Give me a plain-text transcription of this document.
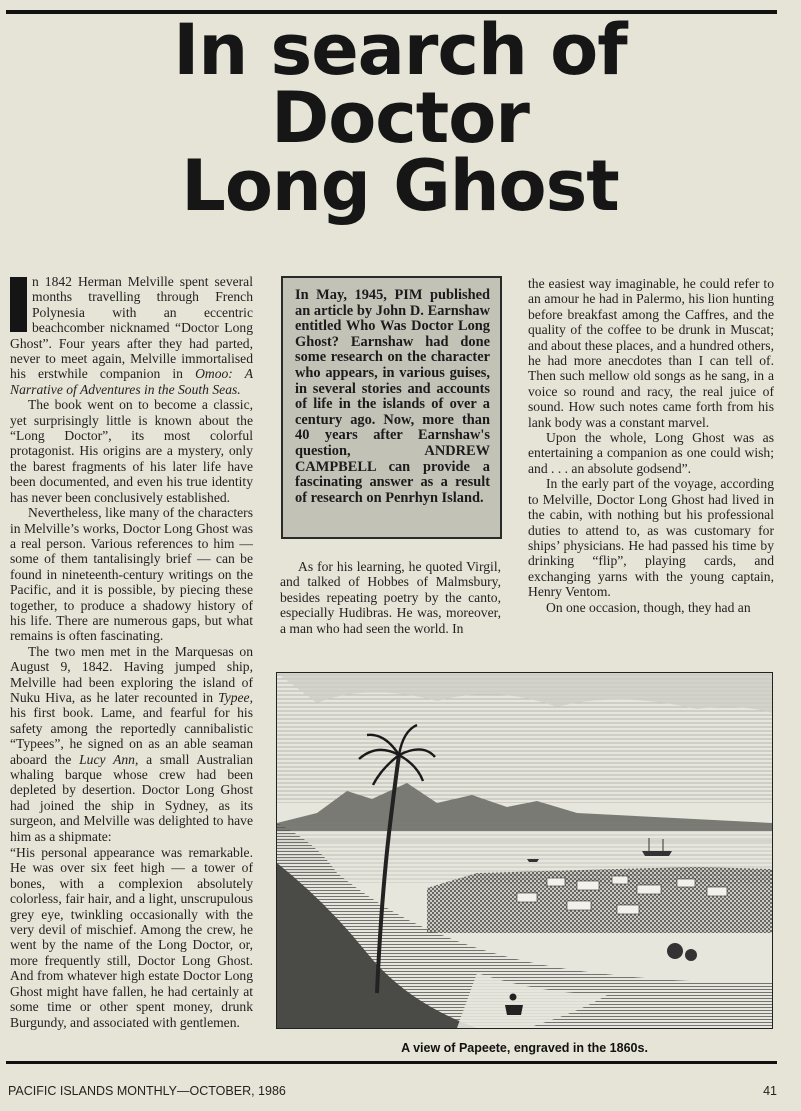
In search of
Doctor
Long Ghost

n 1842 Herman Melville spent several months travelling through French Polynesia with an eccentric beachcomber nicknamed “Doctor Long Ghost”. Four years after they had parted, never to meet again, Melville immortalised his erstwhile companion in Omoo: A Narrative of Adventures in the South Seas.

The book went on to become a classic, yet surprisingly little is known about the “Long Doctor”, its most colorful protagonist. His origins are a mystery, only the barest fragments of his later life have been documented, and even his true identity has never been conclusively established.

Nevertheless, like many of the characters in Melville’s works, Doctor Long Ghost was a real person. Various references to him — some of them tantalisingly brief — can be found in nineteenth-century writings on the Pacific, and it is possible, by piecing these together, to produce a shadowy history of his life. There are numerous gaps, but what remains is often fascinating.

The two men met in the Marquesas on August 9, 1842. Having jumped ship, Melville had been exploring the island of Nuku Hiva, as he later recounted in Typee, his first book. Lame, and fearful for his safety among the reportedly cannibalistic “Typees”, he signed on as an able seaman aboard the Lucy Ann, a small Australian whaling barque whose crew had been depleted by desertion. Doctor Long Ghost had joined the ship in Sydney, as its surgeon, and Melville was delighted to have him as a shipmate:

“His personal appearance was remarkable. He was over six feet high — a tower of bones, with a complexion absolutely colorless, fair hair, and a light, unscrupulous grey eye, twinkling occasionally with the very devil of mischief. Among the crew, he went by the name of the Long Doctor, or, more frequently still, Doctor Long Ghost. And from whatever high estate Doctor Long Ghost might have fallen, he had certainly at some time or other spent money, drunk Burgundy, and associated with gentlemen.

In May, 1945, PIM published an article by John D. Earnshaw entitled Who Was Doctor Long Ghost? Earnshaw had done some research on the character who appears, in various guises, in several stories and accounts of life in the islands of over a century ago. Now, more than 40 years after Earnshaw's question, ANDREW CAMPBELL can provide a fascinating answer as a result of research on Penrhyn Island.

As for his learning, he quoted Virgil, and talked of Hobbes of Malmsbury, besides repeating poetry by the canto, especially Hudibras. He was, moreover, a man who had seen the world. In

the easiest way imaginable, he could refer to an amour he had in Palermo, his lion hunting before breakfast among the Caffres, and the quality of the coffee to be drunk in Muscat; and about these places, and a hundred others, he had more anecdotes than I can tell of. Then such mellow old songs as he sang, in a voice so round and racy, the real juice of sound. How such notes came forth from his lank body was a constant marvel.

Upon the whole, Long Ghost was as entertaining a companion as one could wish; and . . . an absolute godsend”.

In the early part of the voyage, according to Melville, Doctor Long Ghost had lived in the cabin, with nothing but his professional duties to attend to, as was customary for ships’ physicians. He had passed his time by drinking “flip”, playing cards, and exchanging yarns with the young captain, Henry Ventom.

On one occasion, though, they had an

A view of Papeete, engraved in the 1860s.

PACIFIC ISLANDS MONTHLY—OCTOBER, 1986	41
